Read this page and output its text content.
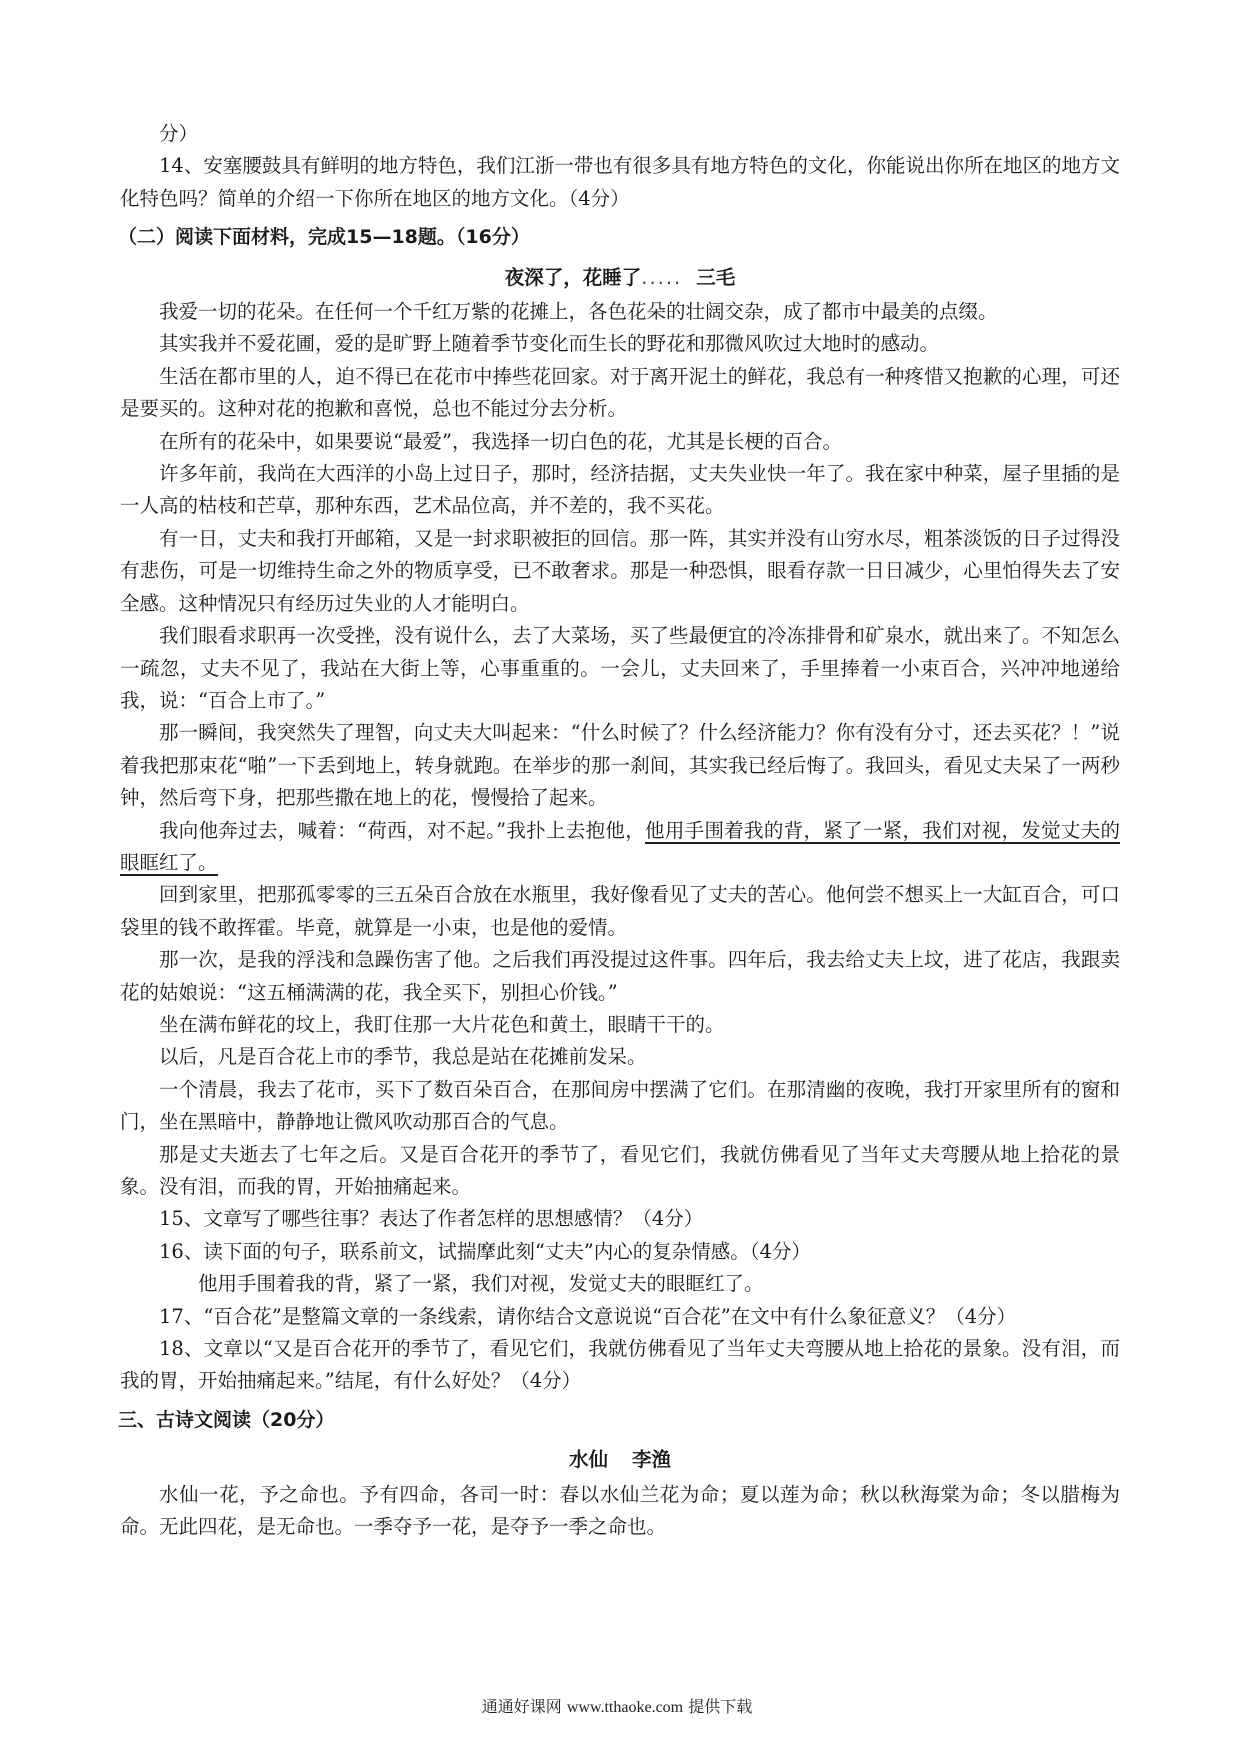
分）

14、安塞腰鼓具有鲜明的地方特色，我们江浙一带也有很多具有地方特色的文化，你能说出你所在地区的地方文化特色吗？简单的介绍一下你所在地区的地方文化。（4分）

（二）阅读下面材料，完成15—18题。（16分）
夜深了，花睡了..... 三毛

我爱一切的花朵。在任何一个千红万紫的花摊上，各色花朵的壮阔交杂，成了都市中最美的点缀。

其实我并不爱花圃，爱的是旷野上随着季节变化而生长的野花和那微风吹过大地时的感动。

生活在都市里的人，迫不得已在花市中捧些花回家。对于离开泥土的鲜花，我总有一种疼惜又抱歉的心理，可还是要买的。这种对花的抱歉和喜悦，总也不能过分去分析。

在所有的花朵中，如果要说“最爱”，我选择一切白色的花，尤其是长梗的百合。

许多年前，我尚在大西洋的小岛上过日子，那时，经济拮据，丈夫失业快一年了。我在家中种菜，屋子里插的是一人高的枯枝和芒草，那种东西，艺术品位高，并不差的，我不买花。

有一日，丈夫和我打开邮箱，又是一封求职被拒的回信。那一阵，其实并没有山穷水尽，粗茶淡饭的日子过得没有悲伤，可是一切维持生命之外的物质享受，已不敢奢求。那是一种恐惧，眼看存款一日日减少，心里怕得失去了安全感。这种情况只有经历过失业的人才能明白。

我们眼看求职再一次受挫，没有说什么，去了大菜场，买了些最便宜的冷冻排骨和矿泉水，就出来了。不知怎么一疏忽，丈夫不见了，我站在大街上等，心事重重的。一会儿，丈夫回来了，手里捧着一小束百合，兴冲冲地递给我，说：“百合上市了。”

那一瞬间，我突然失了理智，向丈夫大叫起来：“什么时候了？什么经济能力？你有没有分寸，还去买花？！”说着我把那束花“啪”一下丢到地上，转身就跑。在举步的那一刹间，其实我已经后悔了。我回头，看见丈夫呆了一两秒钟，然后弯下身，把那些撒在地上的花，慢慢拾了起来。

我向他奔过去，喊着：“荷西，对不起。”我扑上去抱他，他用手围着我的背，紧了一紧，我们对视，发觉丈夫的眼眶红了。

回到家里，把那孤零零的三五朵百合放在水瓶里，我好像看见了丈夫的苦心。他何尝不想买上一大缸百合，可口袋里的钱不敢挥霍。毕竟，就算是一小束，也是他的爱情。

那一次，是我的浮浅和急躁伤害了他。之后我们再没提过这件事。四年后，我去给丈夫上坟，进了花店，我跟卖花的姑娘说：“这五桶满满的花，我全买下，别担心价钱。”

坐在满布鲜花的坟上，我盯住那一大片花色和黄土，眼睛干干的。

以后，凡是百合花上市的季节，我总是站在花摊前发呆。

一个清晨，我去了花市，买下了数百朵百合，在那间房中摆满了它们。在那清幽的夜晚，我打开家里所有的窗和门，坐在黑暗中，静静地让微风吹动那百合的气息。

那是丈夫逝去了七年之后。又是百合花开的季节了，看见它们，我就仿佛看见了当年丈夫弯腰从地上拾花的景象。没有泪，而我的胃，开始抽痛起来。

15、文章写了哪些往事？表达了作者怎样的思想感情？（4分）

16、读下面的句子，联系前文，试揣摩此刻“丈夫”内心的复杂情感。（4分）

他用手围着我的背，紧了一紧，我们对视，发觉丈夫的眼眶红了。

17、“百合花”是整篇文章的一条线索，请你结合文意说说“百合花”在文中有什么象征意义？（4分）

18、文章以“又是百合花开的季节了，看见它们，我就仿佛看见了当年丈夫弯腰从地上拾花的景象。没有泪，而我的胃，开始抽痛起来。”结尾，有什么好处？（4分）

三、古诗文阅读（20分）
水仙 李渔

水仙一花，予之命也。予有四命，各司一时：春以水仙兰花为命；夏以莲为命；秋以秋海棠为命；冬以腊梅为命。无此四花，是无命也。一季夺予一花，是夺予一季之命也。

通通好课网 www.tthaoke.com 提供下载
